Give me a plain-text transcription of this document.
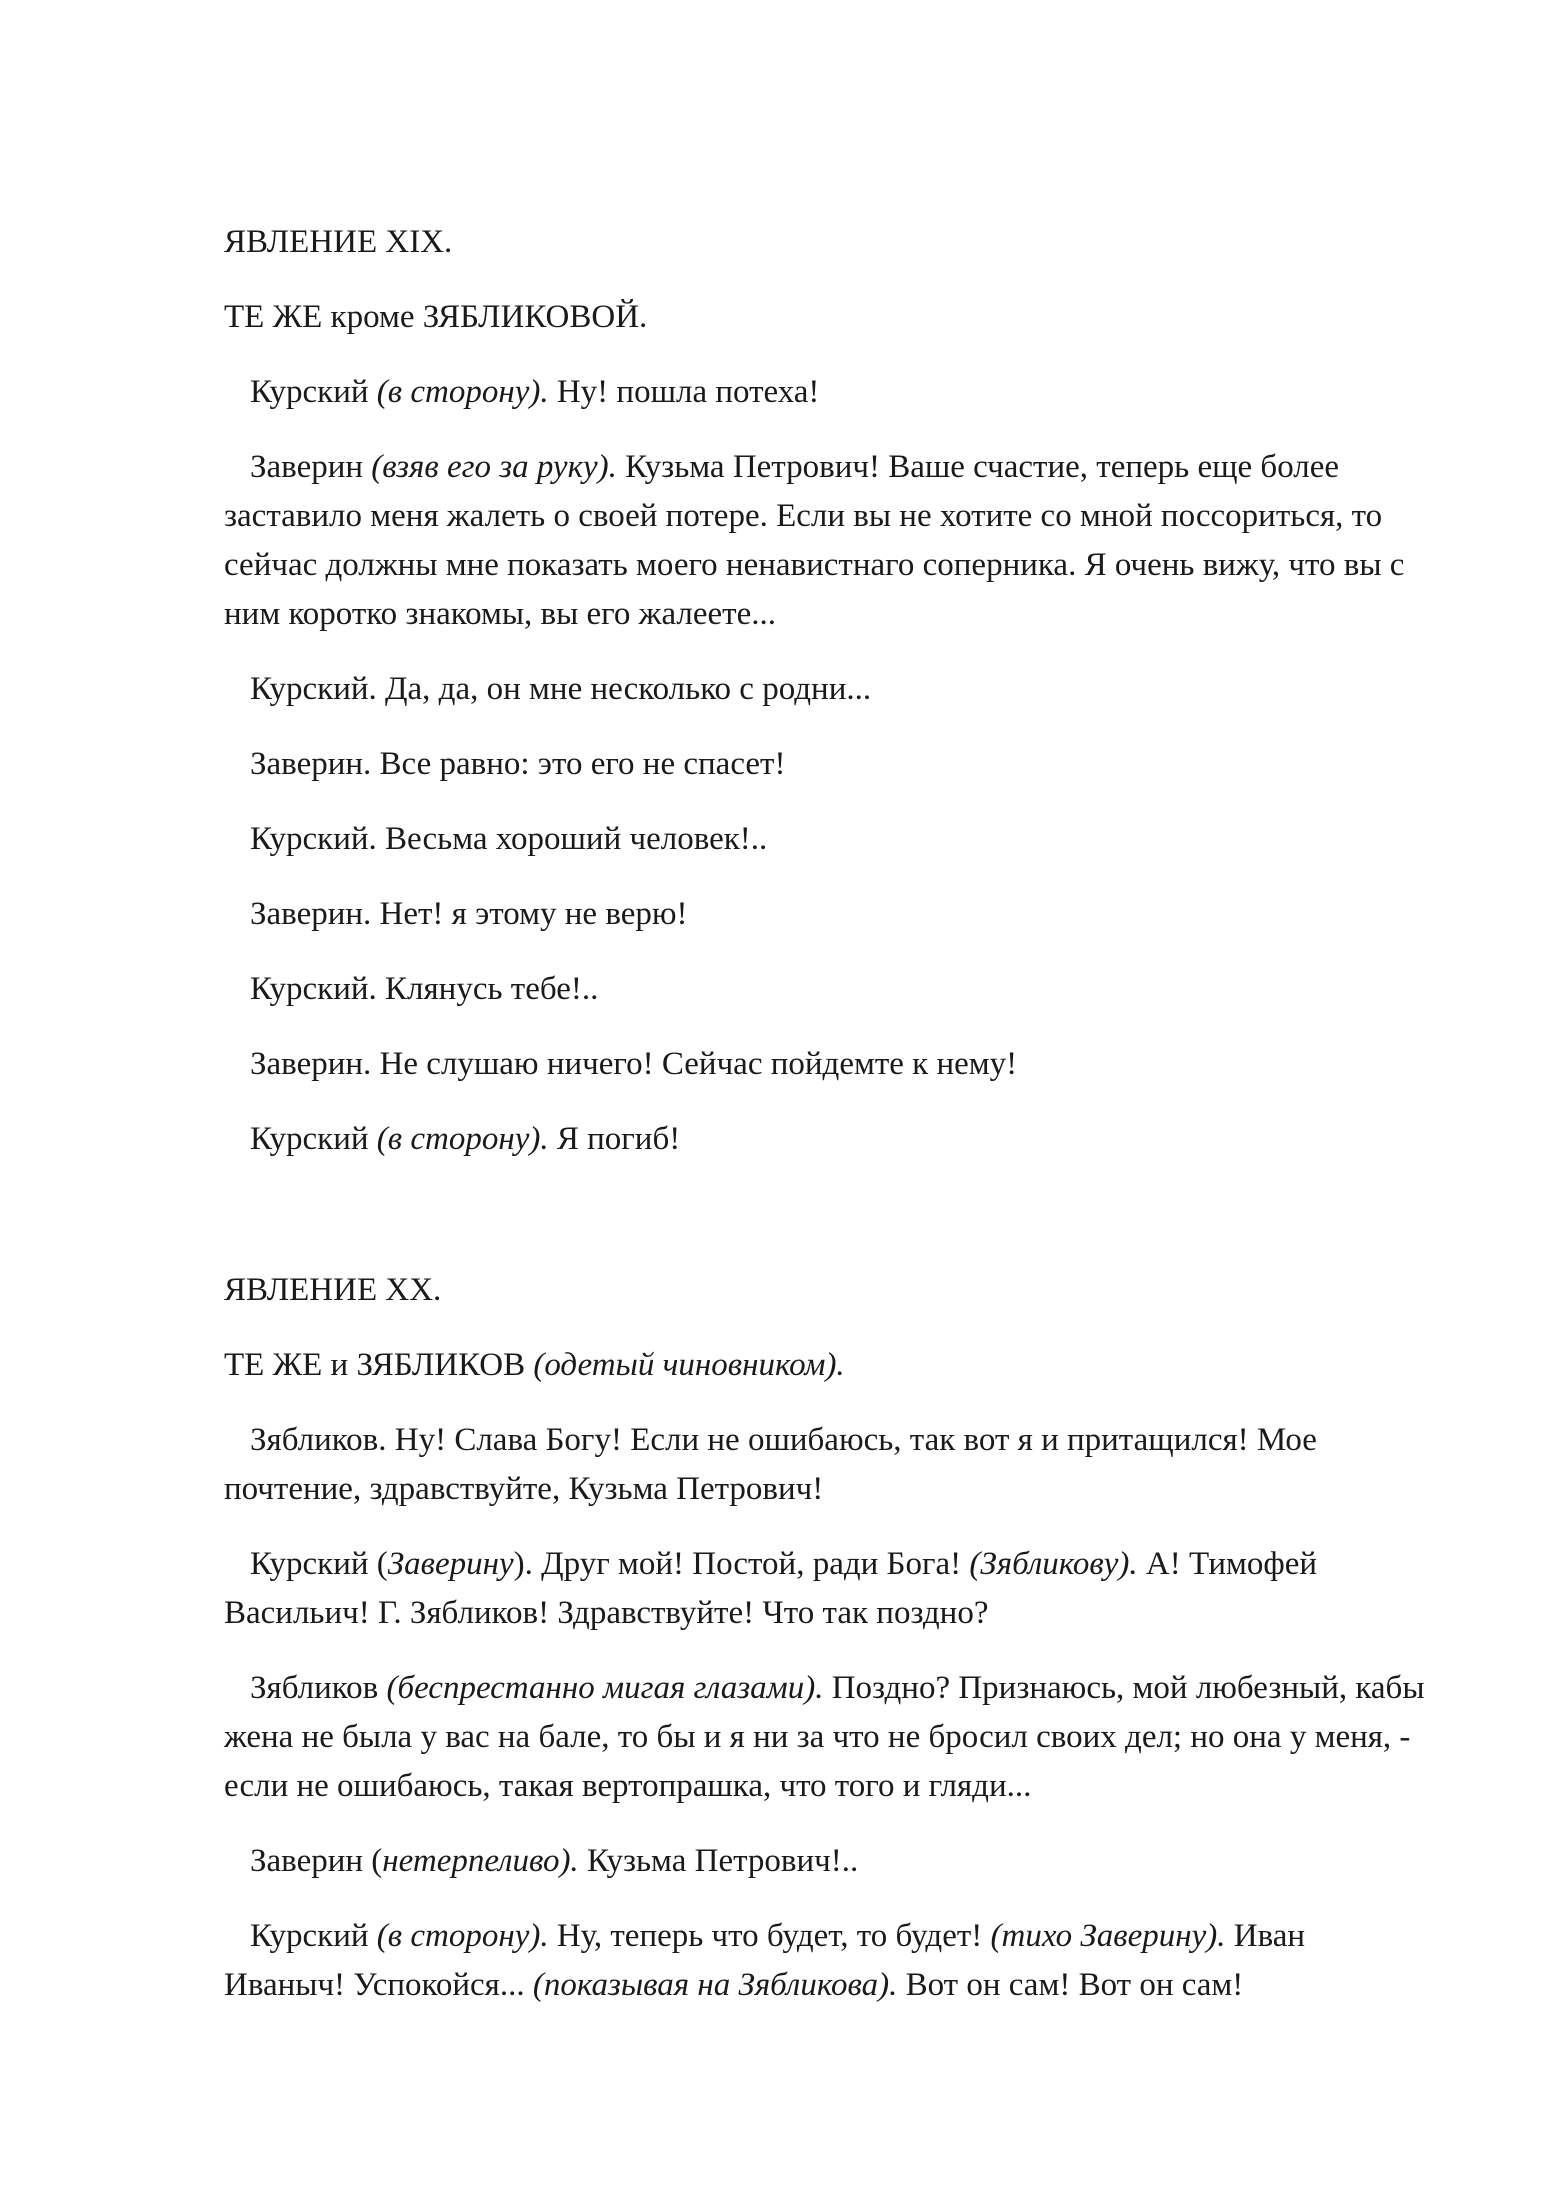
ЯВЛЕНИЕ XIX.
ТЕ ЖЕ кроме ЗЯБЛИКОВОЙ.

Курский (в сторону). Ну! пошла потеха!

Заверин (взяв его за руку). Кузьма Петрович! Ваше счастие, теперь еще более заставило меня жалеть о своей потере. Если вы не хотите со мной поссориться, то сейчас должны мне показать моего ненавистнаго соперника. Я очень вижу, что вы с ним коротко знакомы, вы его жалеете...

Курский. Да, да, он мне несколько с родни...

Заверин. Все равно: это его не спасет!

Курский. Весьма хороший человек!..

Заверин. Нет! я этому не верю!

Курский. Клянусь тебе!..

Заверин. Не слушаю ничего! Сейчас пойдемте к нему!

Курский (в сторону). Я погиб!

ЯВЛЕНИЕ XX.
ТЕ ЖЕ и ЗЯБЛИКОВ (одетый чиновником).

Зябликов. Ну! Слава Богу! Если не ошибаюсь, так вот я и притащился! Мое почтение, здравствуйте, Кузьма Петрович!

Курский (Заверину). Друг мой! Постой, ради Бога! (Зябликову). А! Тимофей Васильич! Г. Зябликов! Здравствуйте! Что так поздно?

Зябликов (беспрестанно мигая глазами). Поздно? Признаюсь, мой любезный, кабы жена не была у вас на бале, то бы и я ни за что не бросил своих дел; но она у меня, - если не ошибаюсь, такая вертопрашка, что того и гляди...

Заверин (нетерпеливо). Кузьма Петрович!..

Курский (в сторону). Ну, теперь что будет, то будет! (тихо Заверину). Иван Иваныч! Успокойся... (показывая на Зябликова). Вот он сам! Вот он сам!
